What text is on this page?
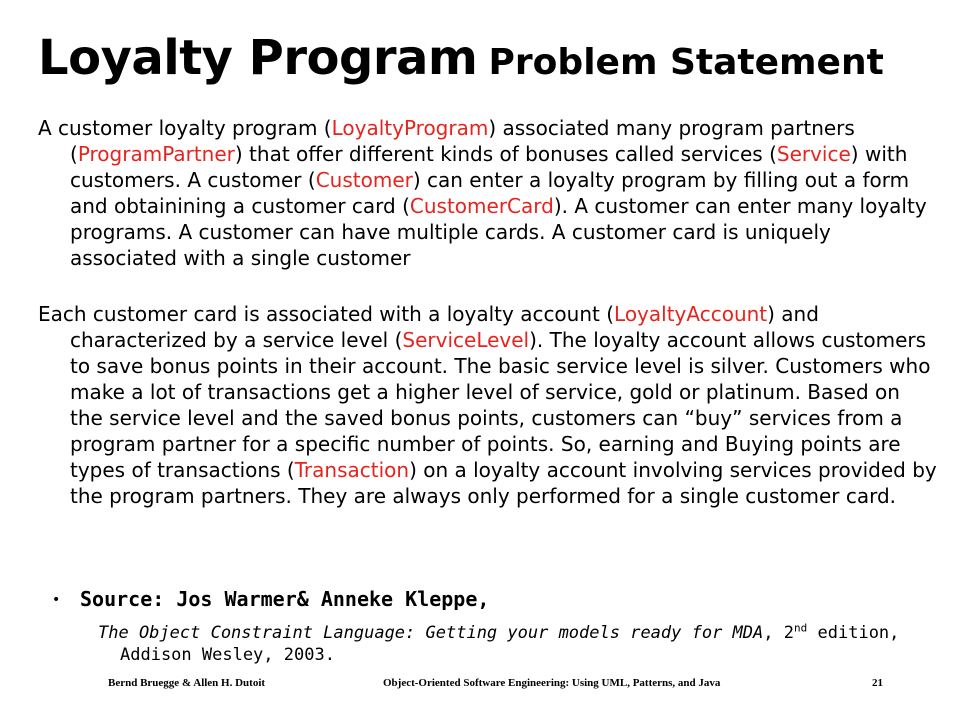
Loyalty Program Problem Statement

A customer loyalty program (LoyaltyProgram) associated many program partners (ProgramPartner) that offer different kinds of bonuses called services (Service) with customers. A customer (Customer) can enter a loyalty program by filling out a form and obtainining a customer card (CustomerCard). A customer can enter many loyalty programs. A customer can have multiple cards. A customer card is uniquely associated with a single customer

Each customer card is associated with a loyalty account (LoyaltyAccount) and characterized by a service level (ServiceLevel). The loyalty account allows customers to save bonus points in their account. The basic service level is silver. Customers who make a lot of transactions get a higher level of service, gold or platinum. Based on the service level and the saved bonus points, customers can “buy” services from a program partner for a specific number of points. So, earning and Buying points are types of transactions (Transaction) on a loyalty account involving services provided by the program partners. They are always only performed for a single customer card.

• Source: Jos Warmer& Anneke Kleppe,
The Object Constraint Language: Getting your models ready for MDA, 2nd edition, Addison Wesley, 2003.
Bernd Bruegge & Allen H. Dutoit	Object-Oriented Software Engineering: Using UML, Patterns, and Java	21
